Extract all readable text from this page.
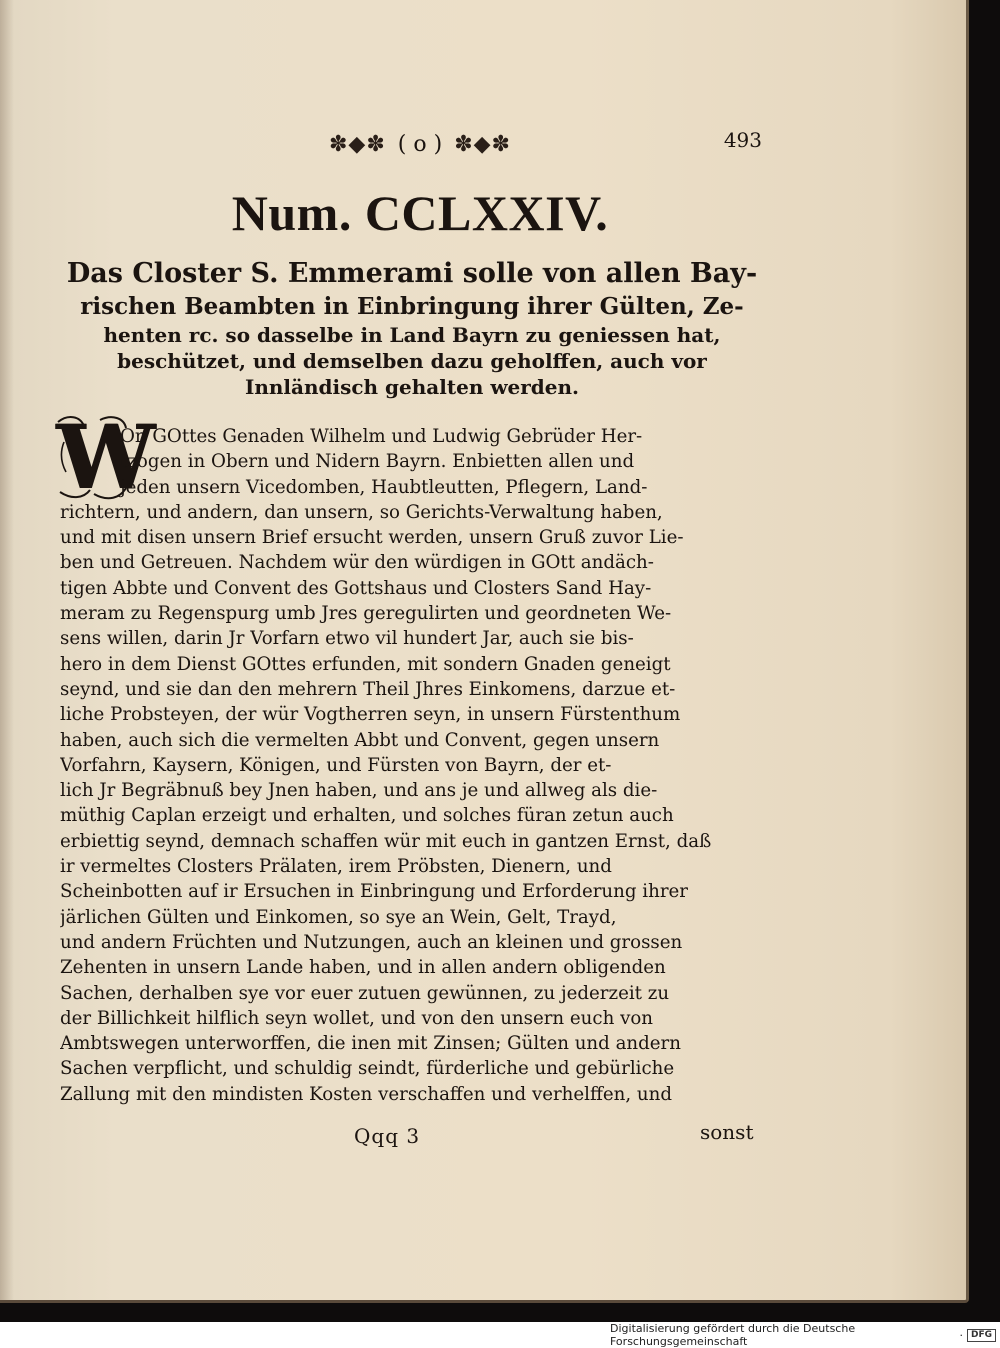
✽◆✽ ( o ) ✽◆✽	493
Num. CCLXXIV.
Das Closter S. Emmerami solle von allen Bay-
rischen Beambten in Einbringung ihrer Gülten, Ze-
henten rc. so dasselbe in Land Bayrn zu geniessen hat,
beschützet, und demselben dazu geholffen, auch vor
Innländisch gehalten werden.
W
On GOttes Genaden Wilhelm und Ludwig Gebrüder Her-
tzogen in Obern und Nidern Bayrn. Enbietten allen und
jeden unsern Vicedomben, Haubtleutten, Pflegern, Land-
richtern, und andern, dan unsern, so Gerichts-Verwaltung haben,
und mit disen unsern Brief ersucht werden, unsern Gruß zuvor Lie-
ben und Getreuen. Nachdem wür den würdigen in GOtt andäch-
tigen Abbte und Convent des Gottshaus und Closters Sand Hay-
meram zu Regenspurg umb Jres geregulirten und geordneten We-
sens willen, darin Jr Vorfarn etwo vil hundert Jar, auch sie bis-
hero in dem Dienst GOttes erfunden, mit sondern Gnaden geneigt
seynd, und sie dan den mehrern Theil Jhres Einkomens, darzue et-
liche Probsteyen, der wür Vogtherren seyn, in unsern Fürstenthum
haben, auch sich die vermelten Abbt und Convent, gegen unsern
Vorfahrn, Kaysern, Königen, und Fürsten von Bayrn, der et-
lich Jr Begräbnuß bey Jnen haben, und ans je und allweg als die-
müthig Caplan erzeigt und erhalten, und solches füran zetun auch
erbiettig seynd, demnach schaffen wür mit euch in gantzen Ernst, daß
ir vermeltes Closters Prälaten, irem Pröbsten, Dienern, und
Scheinbotten auf ir Ersuchen in Einbringung und Erforderung ihrer
järlichen Gülten und Einkomen, so sye an Wein, Gelt, Trayd,
und andern Früchten und Nutzungen, auch an kleinen und grossen
Zehenten in unsern Lande haben, und in allen andern obligenden
Sachen, derhalben sye vor euer zutuen gewünnen, zu jederzeit zu
der Billichkeit hilflich seyn wollet, und von den unsern euch von
Ambtswegen unterworffen, die inen mit Zinsen; Gülten und andern
Sachen verpflicht, und schuldig seindt, fürderliche und gebürliche
Zallung mit den mindisten Kosten verschaffen und verhelffen, und
Qqq 3	sonst
Digitalisierung gefördert durch die Deutsche Forschungsgemeinschaft	· DFG
